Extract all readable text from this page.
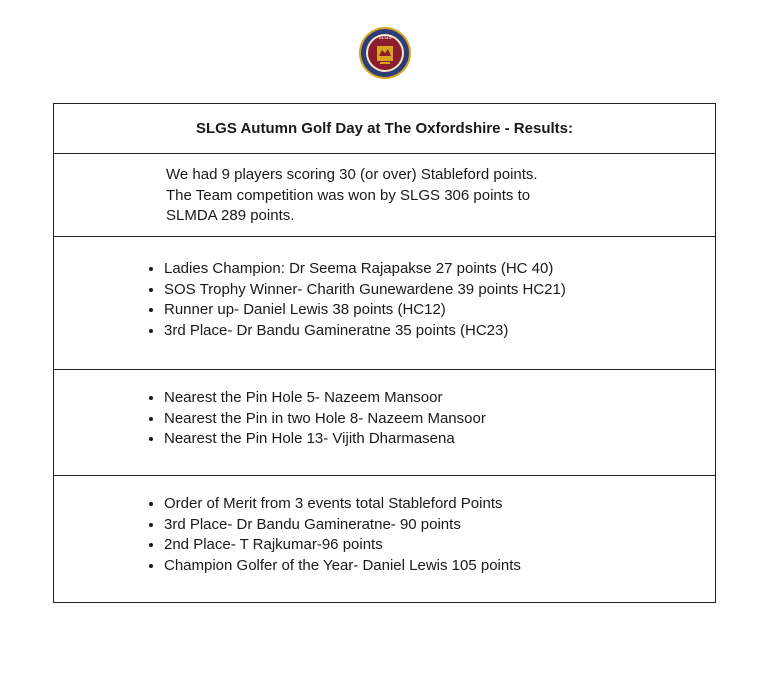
SLGS
SLGS Autumn Golf Day at The Oxfordshire - Results:

We had 9 players scoring 30 (or over) Stableford points.

The Team competition was won by SLGS 306 points to

SLMDA 289 points.

• Ladies Champion: Dr Seema Rajapakse 27 points (HC 40)
• SOS Trophy Winner- Charith Gunewardene 39 points HC21)
• Runner up- Daniel Lewis 38 points (HC12)
• 3rd Place- Dr Bandu Gamineratne 35 points (HC23)
• Nearest the Pin Hole 5- Nazeem Mansoor
• Nearest the Pin in two Hole 8- Nazeem Mansoor
• Nearest the Pin Hole 13- Vijith Dharmasena
• Order of Merit from 3 events total Stableford Points
• 3rd Place- Dr Bandu Gamineratne- 90 points
• 2nd Place- T Rajkumar-96 points
• Champion Golfer of the Year- Daniel Lewis 105 points
